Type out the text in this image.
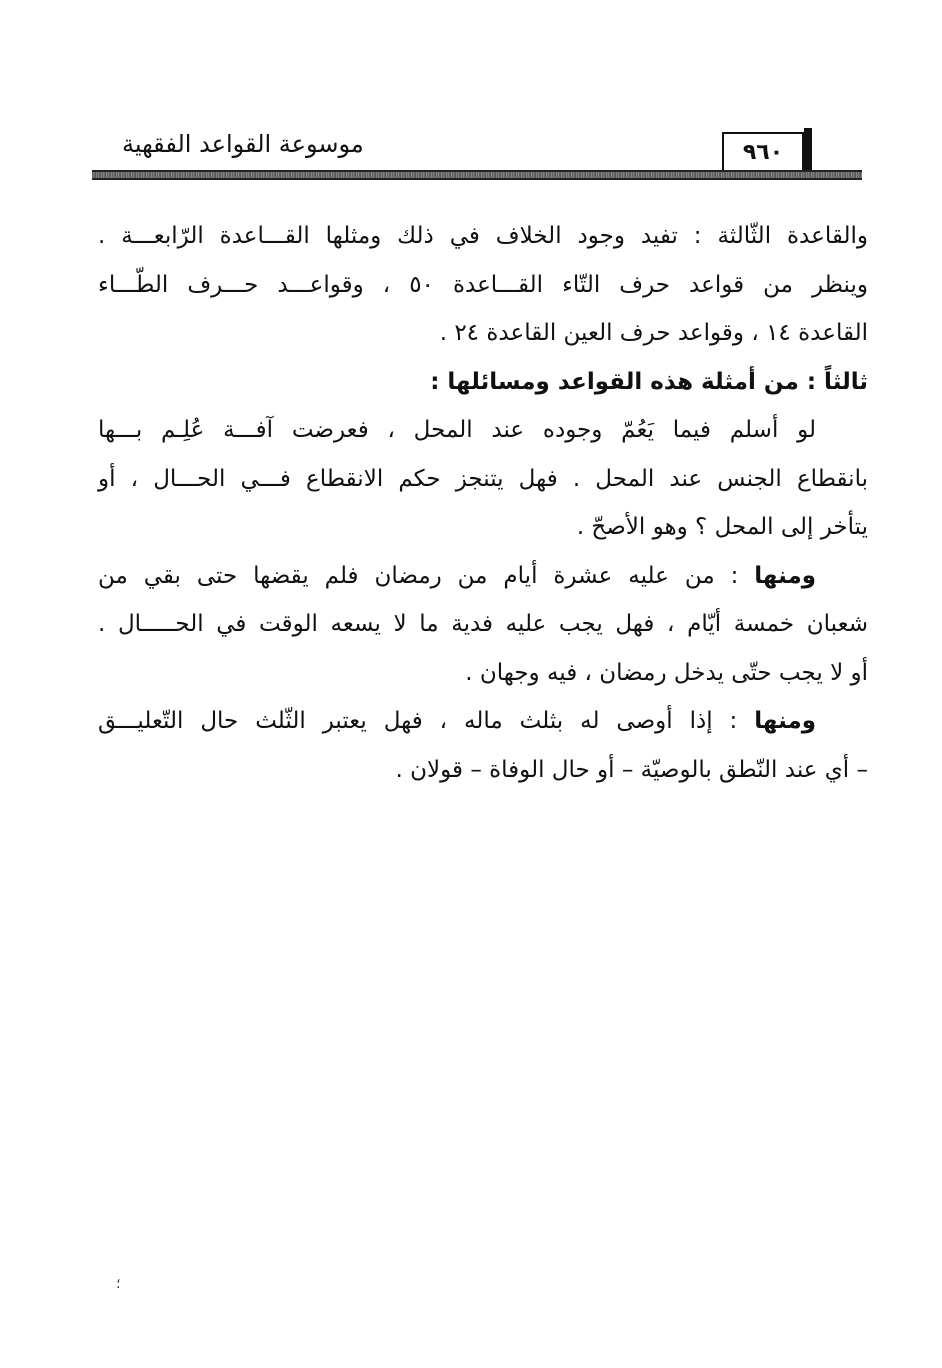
موسوعة القواعد الفقهية	٩٦٠
والقاعدة الثّالثة : تفيد وجود الخلاف في ذلك ومثلها القـــاعدة الرّابعـــة .
وينظر من قواعد حرف التّاء القـــاعدة ٥٠ ، وقواعـــد حـــرف الطّـــاء
القاعدة ١٤ ، وقواعد حرف العين القاعدة ٢٤ .
ثالثاً : من أمثلة هذه القواعد ومسائلها :
لو أسلم فيما يَعُمّ وجوده عند المحل ، فعرضت آفـــة عُلِـم بـــها
بانقطاع الجنس عند المحل . فهل يتنجز حكم الانقطاع فـــي الحـــال ، أو
يتأخر إلى المحل ؟ وهو الأصحّ .
ومنها : من عليه عشرة أيام من رمضان فلم يقضها حتى بقي من
شعبان خمسة أيّام ، فهل يجب عليه فدية ما لا يسعه الوقت في الحـــــال .
أو لا يجب حتّى يدخل رمضان ، فيه وجهان .
ومنها : إذا أوصى له بثلث ماله ، فهل يعتبر الثّلث حال التّعليـــق
– أي عند النّطق بالوصيّة – أو حال الوفاة – قولان .
؛
